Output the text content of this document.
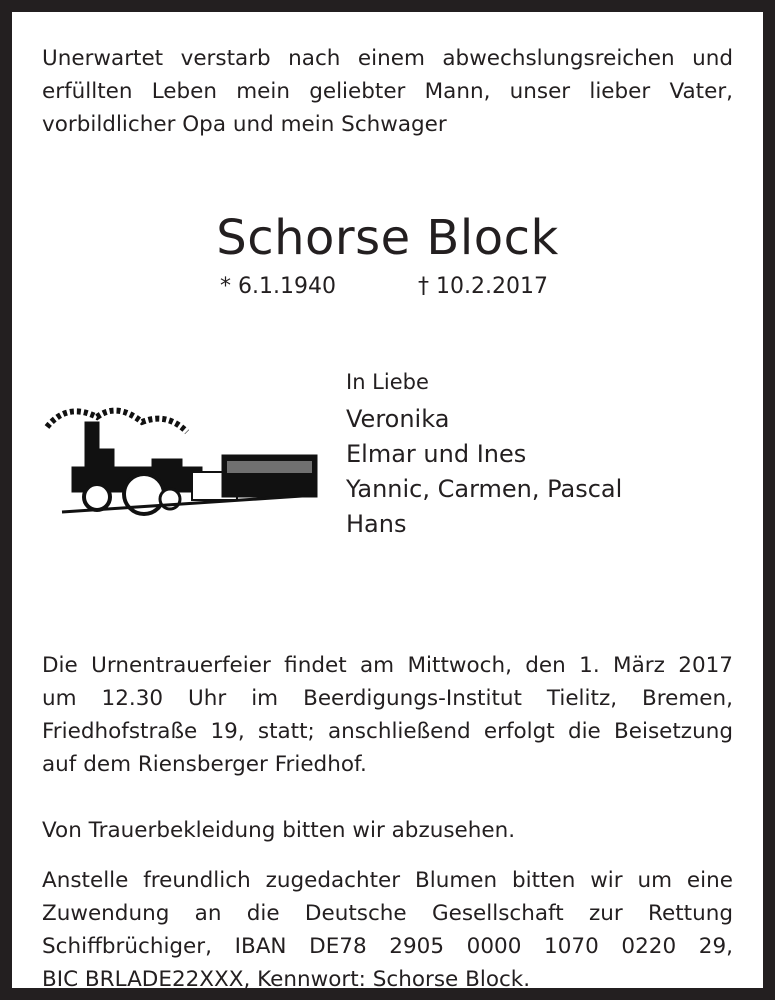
Unerwartet verstarb nach einem abwechslungsreichen und
erfüllten Leben mein geliebter Mann, unser lieber Vater,
vorbildlicher Opa und mein Schwager
Schorse Block
* 6.1.1940	† 10.2.2017
In Liebe
Veronika
Elmar und Ines
Yannic, Carmen, Pascal
Hans
Die Urnentrauerfeier findet am Mittwoch, den 1. März 2017
um 12.30 Uhr im Beerdigungs-Institut Tielitz, Bremen,
Friedhofstraße 19, statt; anschließend erfolgt die Beisetzung
auf dem Riensberger Friedhof.
Von Trauerbekleidung bitten wir abzusehen.
Anstelle freundlich zugedachter Blumen bitten wir um eine
Zuwendung an die Deutsche Gesellschaft zur Rettung
Schiffbrüchiger, IBAN DE78 2905 0000 1070 0220 29,
BIC BRLADE22XXX, Kennwort: Schorse Block.
